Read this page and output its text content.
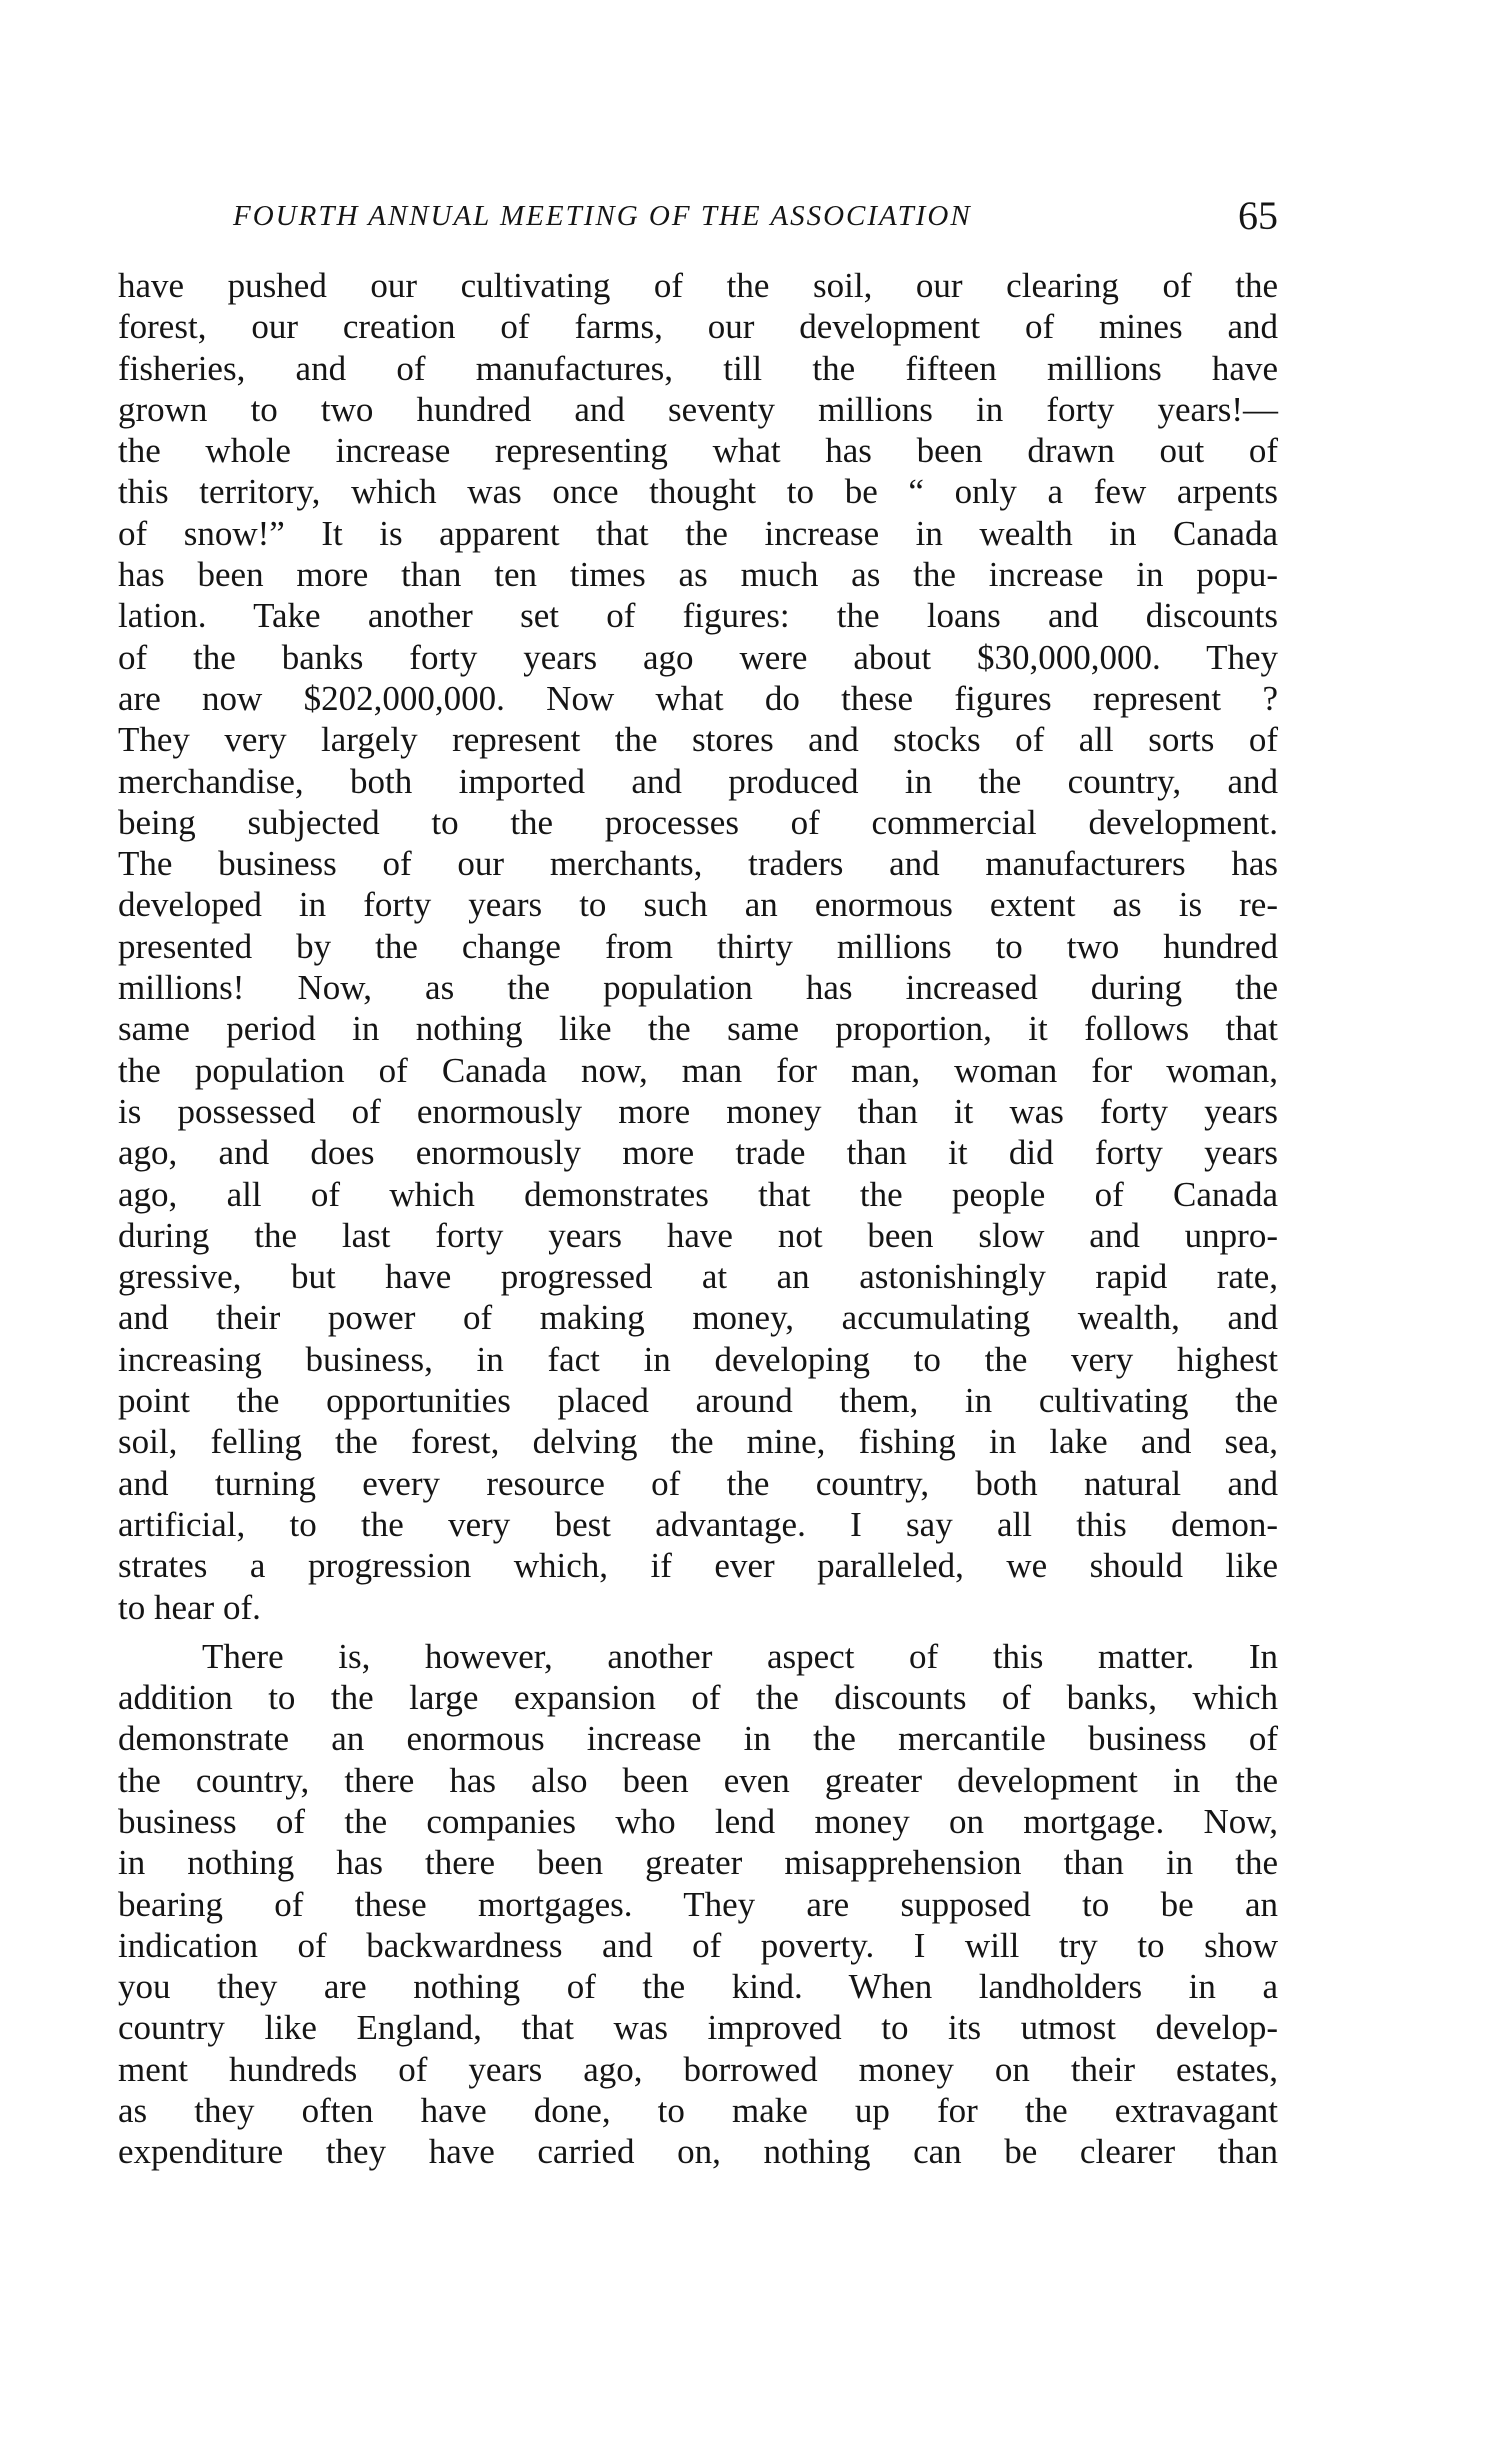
FOURTH ANNUAL MEETING OF THE ASSOCIATION	65
have pushed our cultivating of the soil, our clearing of the
forest, our creation of farms, our development of mines and
fisheries, and of manufactures, till the fifteen millions have
grown to two hundred and seventy millions in forty years!—
the whole increase representing what has been drawn out of
this territory, which was once thought to be “ only a few arpents
of snow!” It is apparent that the increase in wealth in Canada
has been more than ten times as much as the increase in popu-
lation. Take another set of figures: the loans and discounts
of the banks forty years ago were about $30,000,000. They
are now $202,000,000. Now what do these figures represent ?
They very largely represent the stores and stocks of all sorts of
merchandise, both imported and produced in the country, and
being subjected to the processes of commercial development.
The business of our merchants, traders and manufacturers has
developed in forty years to such an enormous extent as is re-
presented by the change from thirty millions to two hundred
millions! Now, as the population has increased during the
same period in nothing like the same proportion, it follows that
the population of Canada now, man for man, woman for woman,
is possessed of enormously more money than it was forty years
ago, and does enormously more trade than it did forty years
ago, all of which demonstrates that the people of Canada
during the last forty years have not been slow and unpro-
gressive, but have progressed at an astonishingly rapid rate,
and their power of making money, accumulating wealth, and
increasing business, in fact in developing to the very highest
point the opportunities placed around them, in cultivating the
soil, felling the forest, delving the mine, fishing in lake and sea,
and turning every resource of the country, both natural and
artificial, to the very best advantage. I say all this demon-
strates a progression which, if ever paralleled, we should like
to hear of.
There is, however, another aspect of this matter. In
addition to the large expansion of the discounts of banks, which
demonstrate an enormous increase in the mercantile business of
the country, there has also been even greater development in the
business of the companies who lend money on mortgage. Now,
in nothing has there been greater misapprehension than in the
bearing of these mortgages. They are supposed to be an
indication of backwardness and of poverty. I will try to show
you they are nothing of the kind. When landholders in a
country like England, that was improved to its utmost develop-
ment hundreds of years ago, borrowed money on their estates,
as they often have done, to make up for the extravagant
expenditure they have carried on, nothing can be clearer than
